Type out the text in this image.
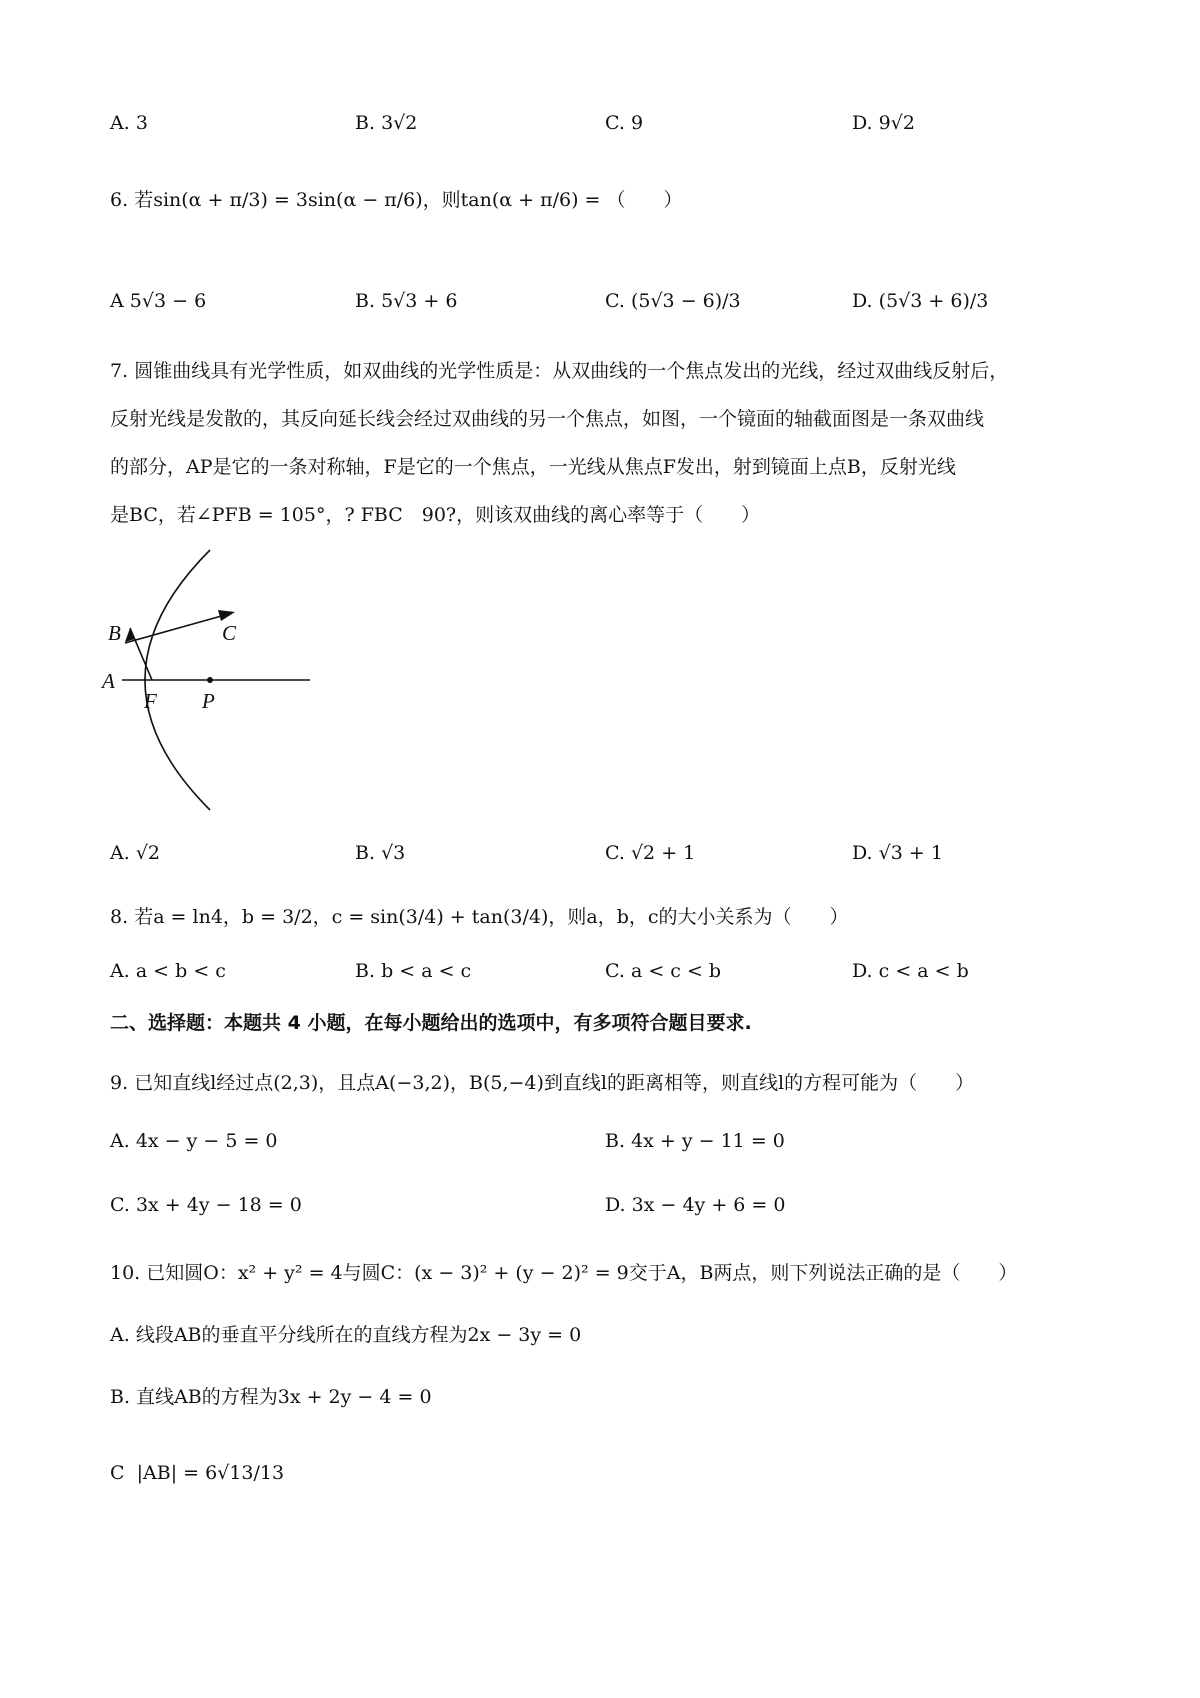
A. 3	B. 3√2	C. 9	D. 9√2
6. 若sin(α + π/3) = 3sin(α − π/6)，则tan(α + π/6) = （　　）
A 5√3 − 6	B. 5√3 + 6	C. (5√3 − 6)/3	D. (5√3 + 6)/3
7. 圆锥曲线具有光学性质，如双曲线的光学性质是：从双曲线的一个焦点发出的光线，经过双曲线反射后，
反射光线是发散的，其反向延长线会经过双曲线的另一个焦点，如图，一个镜面的轴截面图是一条双曲线
的部分，AP是它的一条对称轴，F是它的一个焦点，一光线从焦点F发出，射到镜面上点B，反射光线
是BC，若∠PFB = 105°，? FBC　90?，则该双曲线的离心率等于（　　）
A
B	C
F P
A. √2	B. √3	C. √2 + 1	D. √3 + 1
8. 若a = ln4，b = 3/2，c = sin(3/4) + tan(3/4)，则a，b，c的大小关系为（　　）
A. a < b < c	B. b < a < c	C. a < c < b	D. c < a < b
二、选择题：本题共 4 小题，在每小题给出的选项中，有多项符合题目要求.
9. 已知直线l经过点(2,3)，且点A(−3,2)，B(5,−4)到直线l的距离相等，则直线l的方程可能为（　　）
A. 4x − y − 5 = 0	B. 4x + y − 11 = 0
C. 3x + 4y − 18 = 0	D. 3x − 4y + 6 = 0
10. 已知圆O：x² + y² = 4与圆C：(x − 3)² + (y − 2)² = 9交于A，B两点，则下列说法正确的是（　　）
A. 线段AB的垂直平分线所在的直线方程为2x − 3y = 0
B. 直线AB的方程为3x + 2y − 4 = 0
C |AB| = 6√13/13
